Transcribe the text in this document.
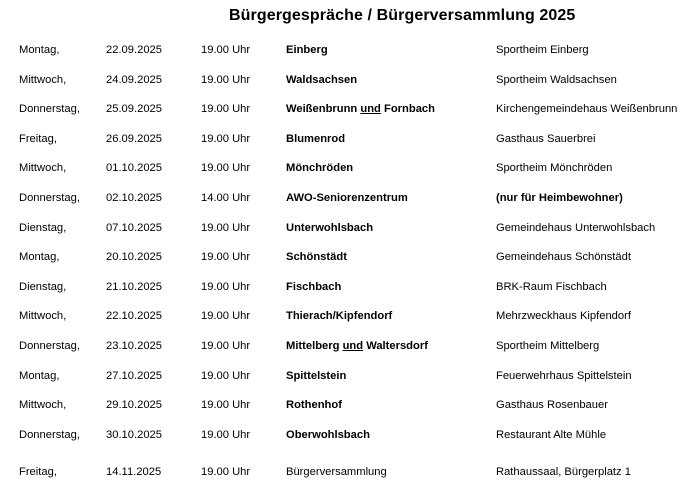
Bürgergespräche / Bürgerversammlung 2025
Montag,	22.09.2025	19.00 Uhr	Einberg	Sportheim Einberg
Mittwoch,	24.09.2025	19.00 Uhr	Waldsachsen	Sportheim Waldsachsen
Donnerstag, 25.09.2025	19.00 Uhr	Weißenbrunn und Fornbach	Kirchengemeindehaus Weißenbrunn
Freitag,	26.09.2025	19.00 Uhr	Blumenrod	Gasthaus Sauerbrei
Mittwoch,	01.10.2025	19.00 Uhr	Mönchröden	Sportheim Mönchröden
Donnerstag, 02.10.2025	14.00 Uhr	AWO-Seniorenzentrum	(nur für Heimbewohner)
Dienstag,	07.10.2025	19.00 Uhr	Unterwohlsbach	Gemeindehaus Unterwohlsbach
Montag,	20.10.2025	19.00 Uhr	Schönstädt	Gemeindehaus Schönstädt
Dienstag,	21.10.2025	19.00 Uhr	Fischbach	BRK-Raum Fischbach
Mittwoch,	22.10.2025	19.00 Uhr	Thierach/Kipfendorf	Mehrzweckhaus Kipfendorf
Donnerstag, 23.10.2025	19.00 Uhr	Mittelberg und Waltersdorf	Sportheim Mittelberg
Montag,	27.10.2025	19.00 Uhr	Spittelstein	Feuerwehrhaus Spittelstein
Mittwoch,	29.10.2025	19.00 Uhr	Rothenhof	Gasthaus Rosenbauer
Donnerstag, 30.10.2025	19.00 Uhr	Oberwohlsbach	Restaurant Alte Mühle
Freitag,	14.11.2025	19.00 Uhr	Bürgerversammlung	Rathaussaal, Bürgerplatz 1
